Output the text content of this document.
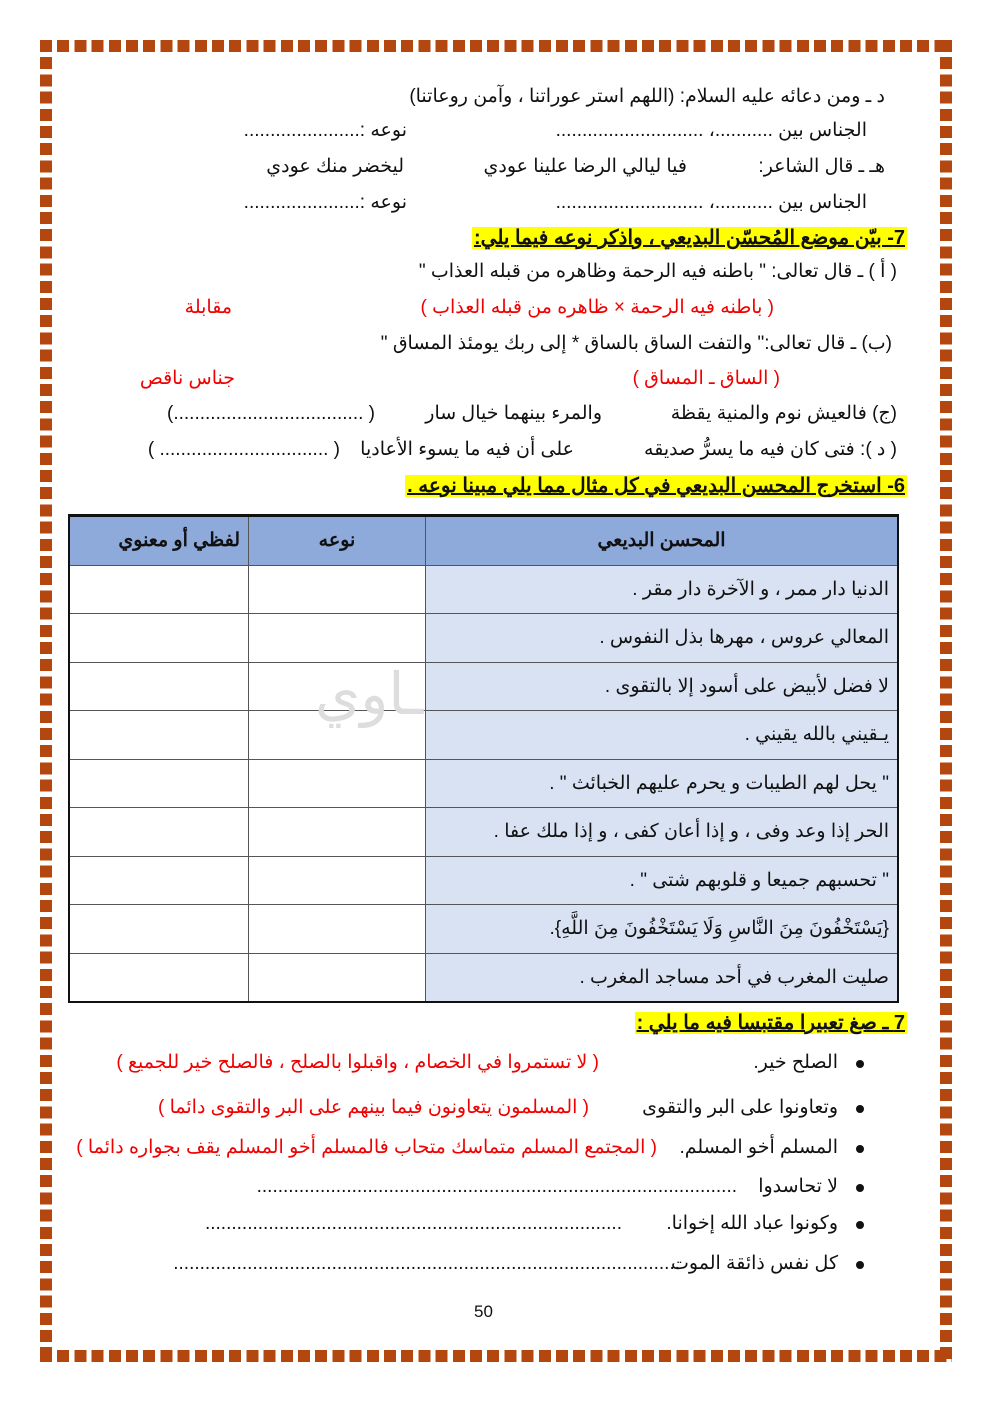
د ـ ومن دعائه عليه السلام: (اللهم استر عوراتنا ، وآمن روعاتنا)
الجناس بين ...........، ............................
نوعه :......................
هـ ـ قال الشاعر:
فيا ليالي الرضا علينا عودي
ليخضر منك عودي
الجناس بين ...........، ............................
نوعه :......................
7- بيّن موضع المُحسّن البديعي ، واذكر نوعه فيما يلي:
( أ ) ـ قال تعالى: " باطنه فيه الرحمة وظاهره من قبله العذاب "
( باطنه فيه الرحمة × ظاهره من قبله العذاب )
مقابلة
(ب) ـ قال تعالى:" والتفت الساق بالساق * إلى ربك يومئذ المساق "
( الساق ـ المساق )
جناس ناقص
(ج) فالعيش نوم والمنية يقظة
والمرء بينهما خيال سار
( ....................................)
( د ): فتى كان فيه ما يسرُّ صديقه
على أن فيه ما يسوء الأعاديا
( ................................ )
6- استخرج المحسن البديعي في كل مثال مما يلي مبينا نوعه .
المحسن البديعي	نوعه	لفظي أو معنوي
الدنيا دار ممر ، و الآخرة دار مقر .		
المعالي عروس ، مهرها بذل النفوس .		
لا فضل لأبيض على أسود إلا بالتقوى .		
يـقيني بالله يقيني .		
" يحل لهم الطيبات و يحرم عليهم الخبائث " .		
الحر إذا وعد وفى ، و إذا أعان كفى ، و إذا ملك عفا .		
" تحسبهم جميعا و قلوبهم شتى " .		
{يَسْتَخْفُونَ مِنَ النَّاسِ وَلَا يَسْتَخْفُونَ مِنَ اللَّهِ}.		
صليت المغرب في أحد مساجد المغرب .		
ـاوي
7 ـ صغ تعبيرا مقتبسا فيه ما يلي :
الصلح خير.
( لا تستمروا في الخصام ، واقبلوا بالصلح ، فالصلح خير للجميع )
وتعاونوا على البر والتقوى
( المسلمون يتعاونون فيما بينهم على البر والتقوى دائما )
المسلم أخو المسلم.
( المجتمع المسلم متماسك متحاب فالمسلم أخو المسلم يقف بجواره دائما )
لا تحاسدوا
...........................................................................................
وكونوا عباد الله إخوانا.
...............................................................................
كل نفس ذائقة الموت
................................................................................................
50
